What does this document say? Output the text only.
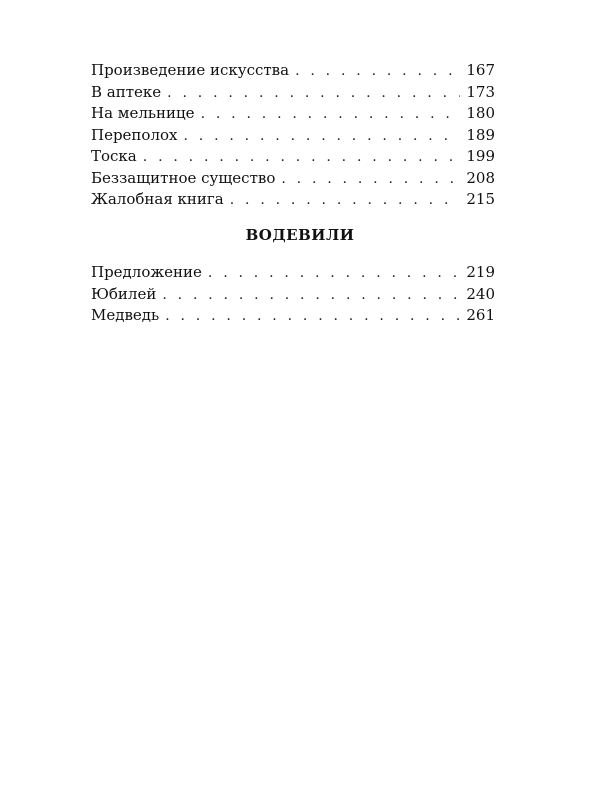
Произведение искусства . . .	167
В аптеке . . .	173
На мельнице . . .	180
Переполох . . .	189
Тоска . . .	199
Беззащитное существо . . .	208
Жалобная книга . . .	215
ВОДЕВИЛИ
Предложение . . .	219
Юбилей . . .	240
Медведь . . .	261
